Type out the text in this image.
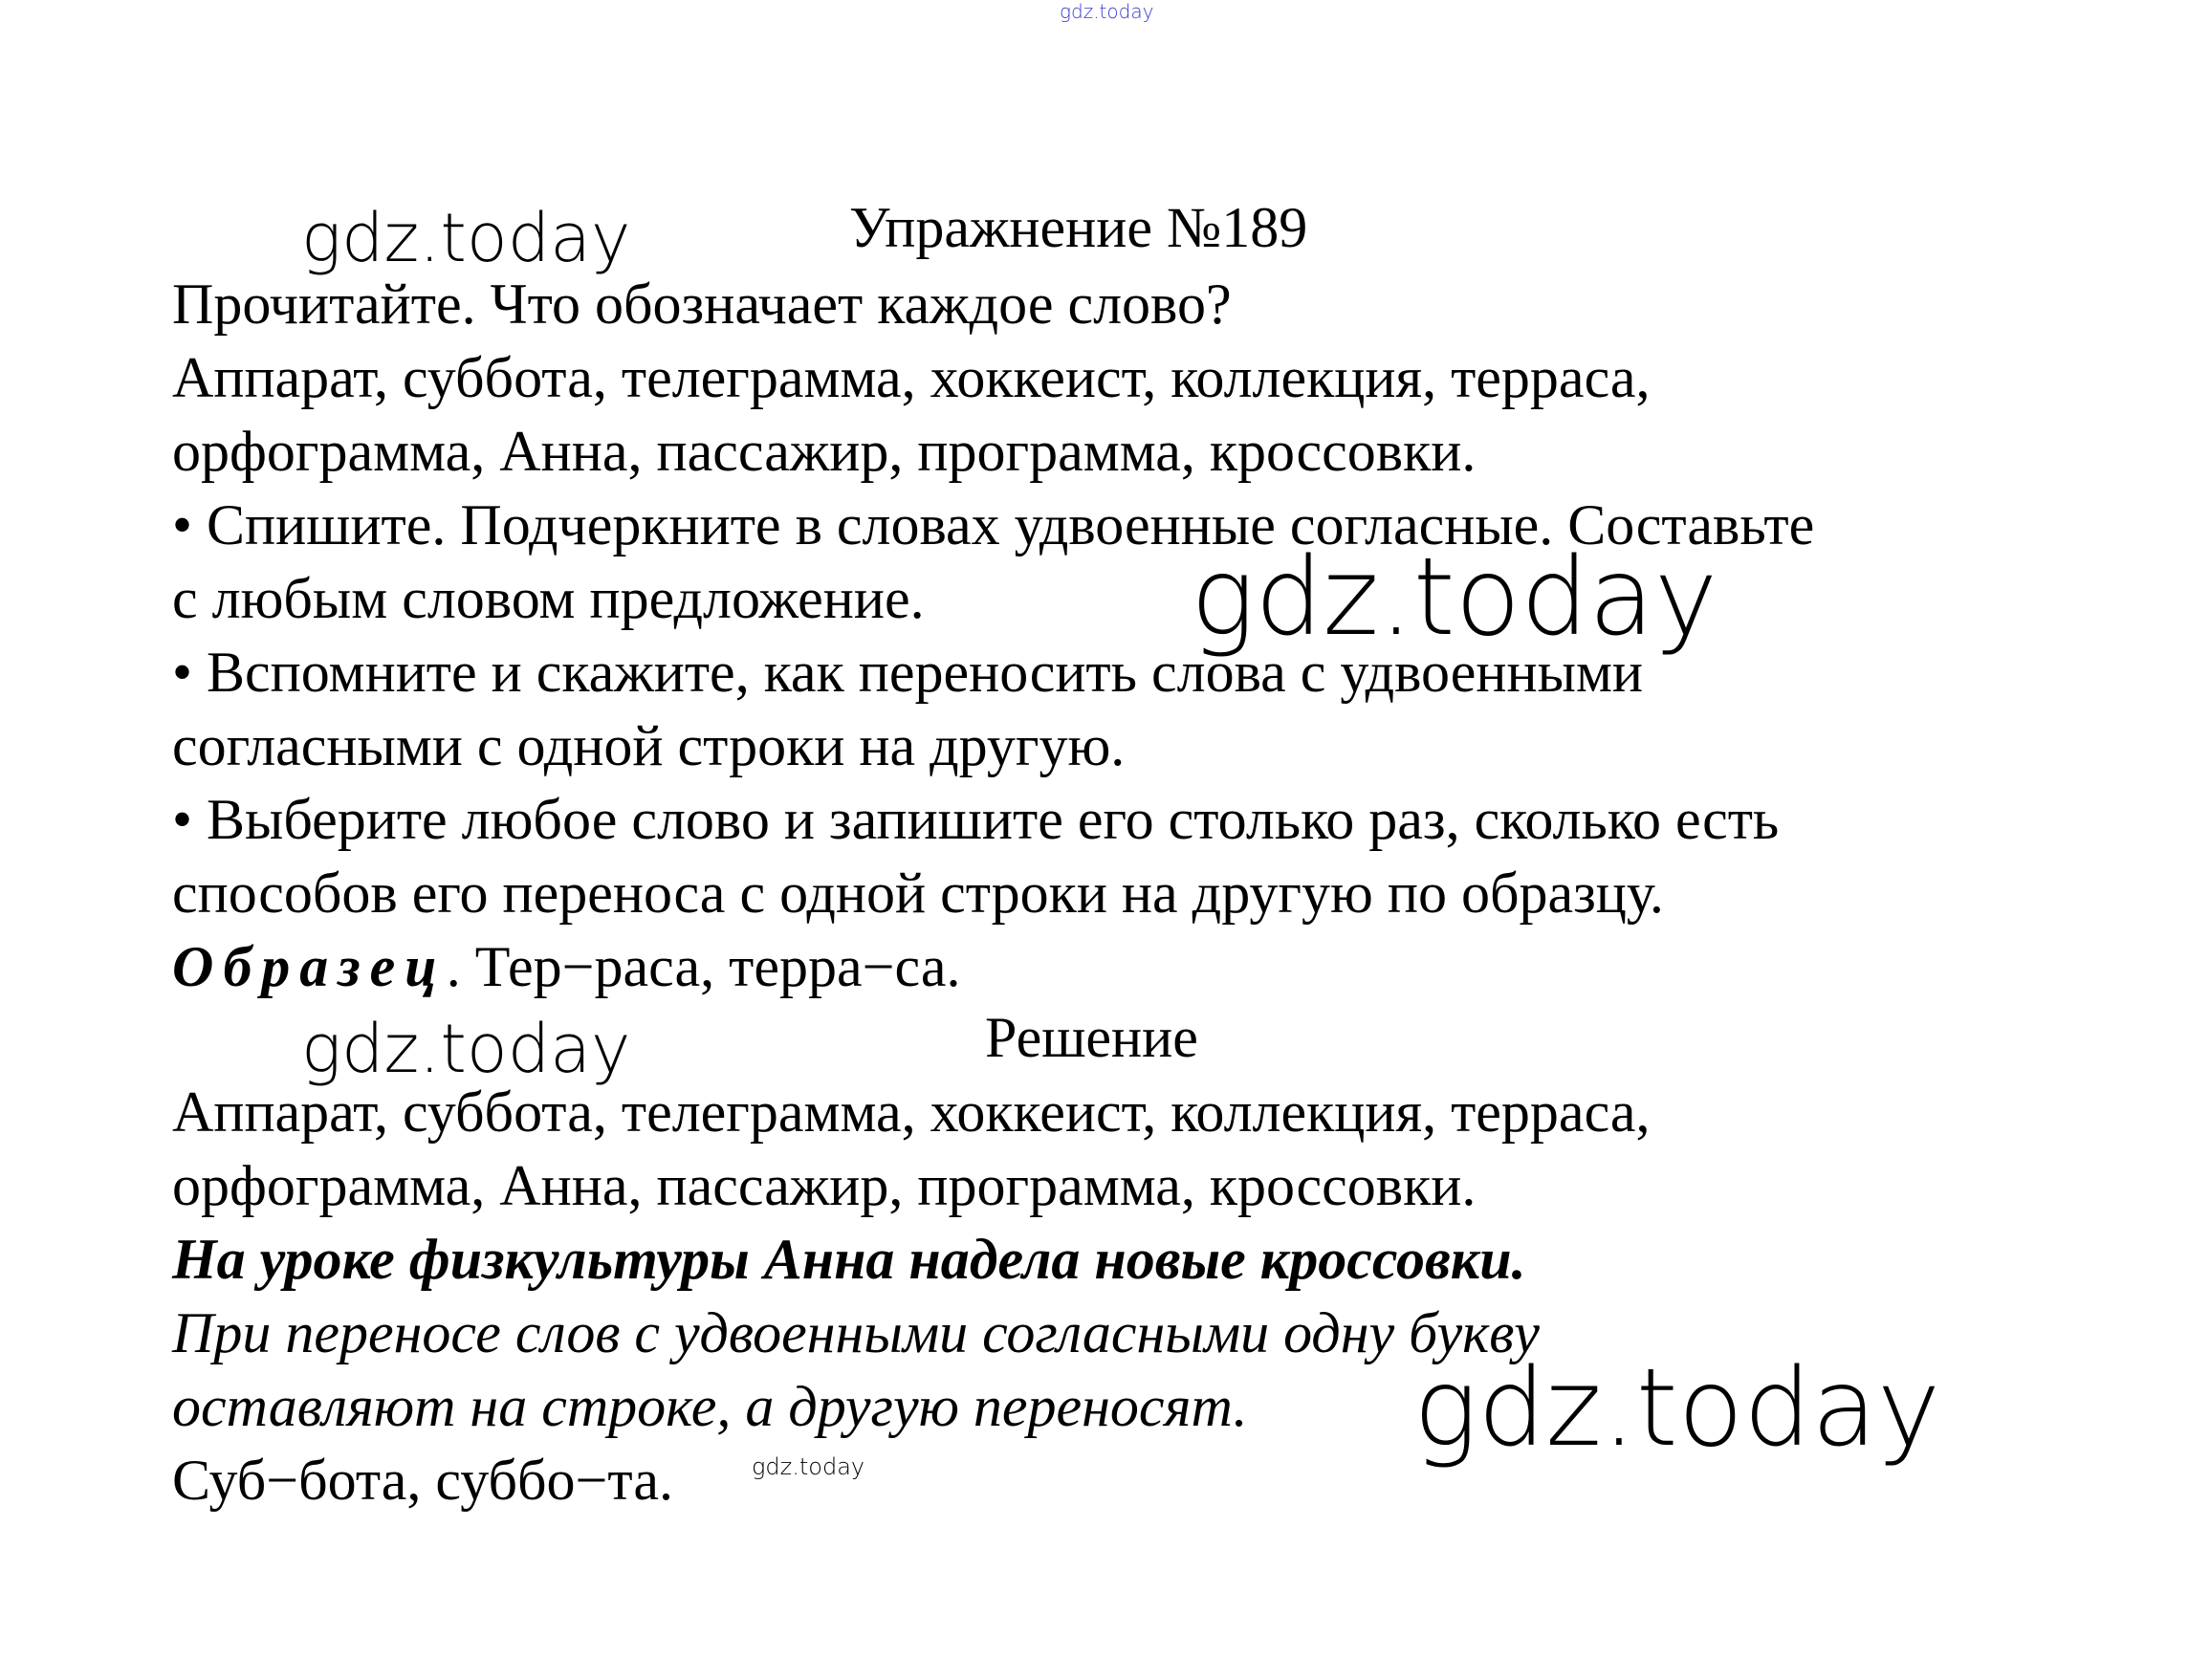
gdz.today
gdz.today
gdz.today
gdz.today
gdz.today
gdz.today
Упражнение №189
Прочитайте. Что обозначает каждое слово?
Аппарат, суббота, телеграмма, хоккеист, коллекция, терраса,
орфограмма, Анна, пассажир, программа, кроссовки.
• Спишите. Подчеркните в словах удвоенные согласные. Составьте
с любым словом предложение.
• Вспомните и скажите, как переносить слова с удвоенными
согласными с одной строки на другую.
• Выберите любое слово и запишите его столько раз, сколько есть
способов его переноса с одной строки на другую по образцу.
Образец. Тер−раса, терра−са.
Решение
Аппарат, суббота, телеграмма, хоккеист, коллекция, терраса,
орфограмма, Анна, пассажир, программа, кроссовки.
На уроке физкультуры Анна надела новые кроссовки.
При переносе слов с удвоенными согласными одну букву
оставляют на строке, а другую переносят.
Суб−бота, суббо−та.
